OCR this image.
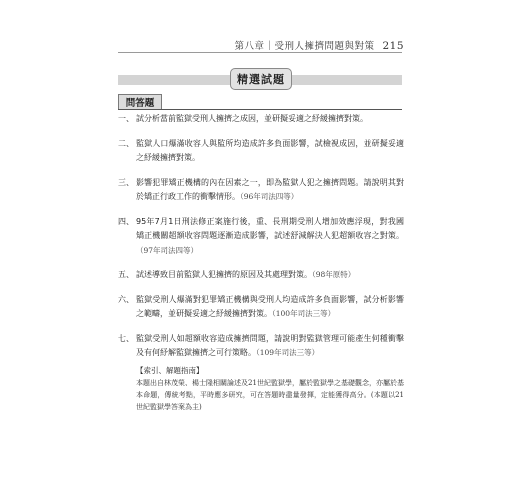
第八章｜受刑人擁擠問題與對策 215
精選試題
問答題
一、 試分析當前監獄受刑人擁擠之成因，並研擬妥適之紓緩擁擠對策。
二、 監獄人口爆滿收容人與監所均造成許多負面影響，試檢視成因，並研擬妥適之紓緩擁擠對策。
三、 影響犯罪矯正機構的內在因素之一，即為監獄人犯之擁擠問題。請說明其對於矯正行政工作的衝擊情形。（96年司法四等）
四、 95年7月1日刑法修正案施行後，重、長刑期受刑人增加效應浮現，對我國矯正機關超額收容問題逐漸造成影響，試述舒減解決人犯超額收容之對策。（97年司法四等）
五、 試述導致目前監獄人犯擁擠的原因及其處理對策。（98年原特）
六、 監獄受刑人爆滿對犯罪矯正機構與受刑人均造成許多負面影響，試分析影響之範疇，並研擬妥適之紓緩擁擠對策。（100年司法三等）
七、 監獄受刑人如超額收容造成擁擠問題，請說明對監獄管理可能產生何種衝擊及有何紓解監獄擁擠之可行策略。（109年司法三等）
【索引、解題指南】
本題出自林茂榮、楊士隆相關論述及21世紀監獄學，屬於監獄學之基礎觀念，亦屬於基本命題，傳統考點，平時應多研究，可在答題時盡量發揮，定能獲得高分。(本題以21世紀監獄學答案為主)
